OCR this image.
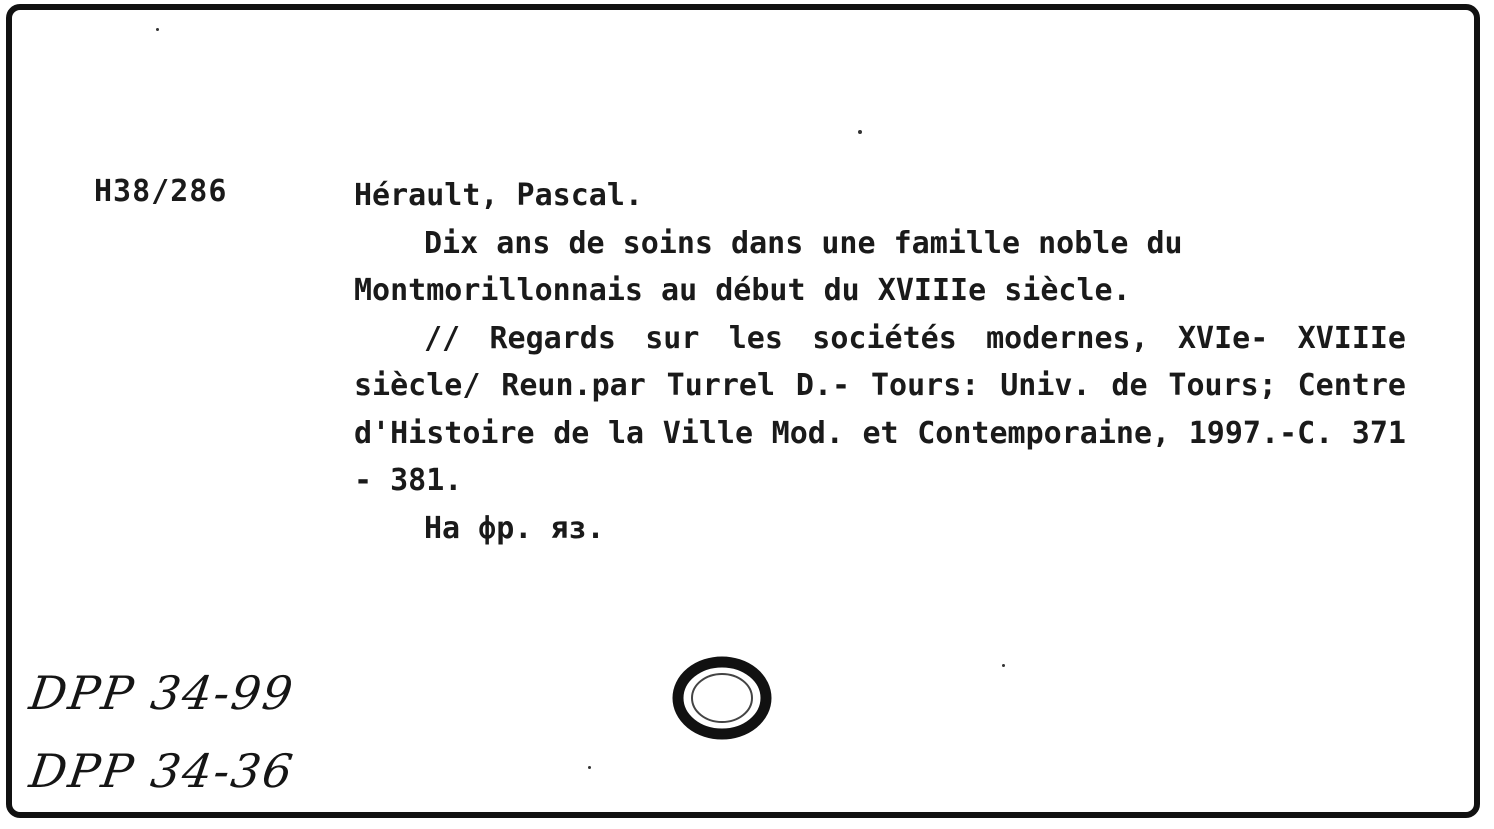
H38/286	Hérault, Pascal.

Dix ans de soins dans une famille noble du Montmorillonnais au début du XVIIIe siècle.

// Regards sur les sociétés modernes, XVIe- XVIIIe siècle/ Reun.par Turrel D.- Tours: Univ. de Tours; Centre d'Histoire de la Ville Mod. et Contemporaine, 1997.-C. 371 - 381.

На фр. яз.

DPP 34-99
DPP 34-36
